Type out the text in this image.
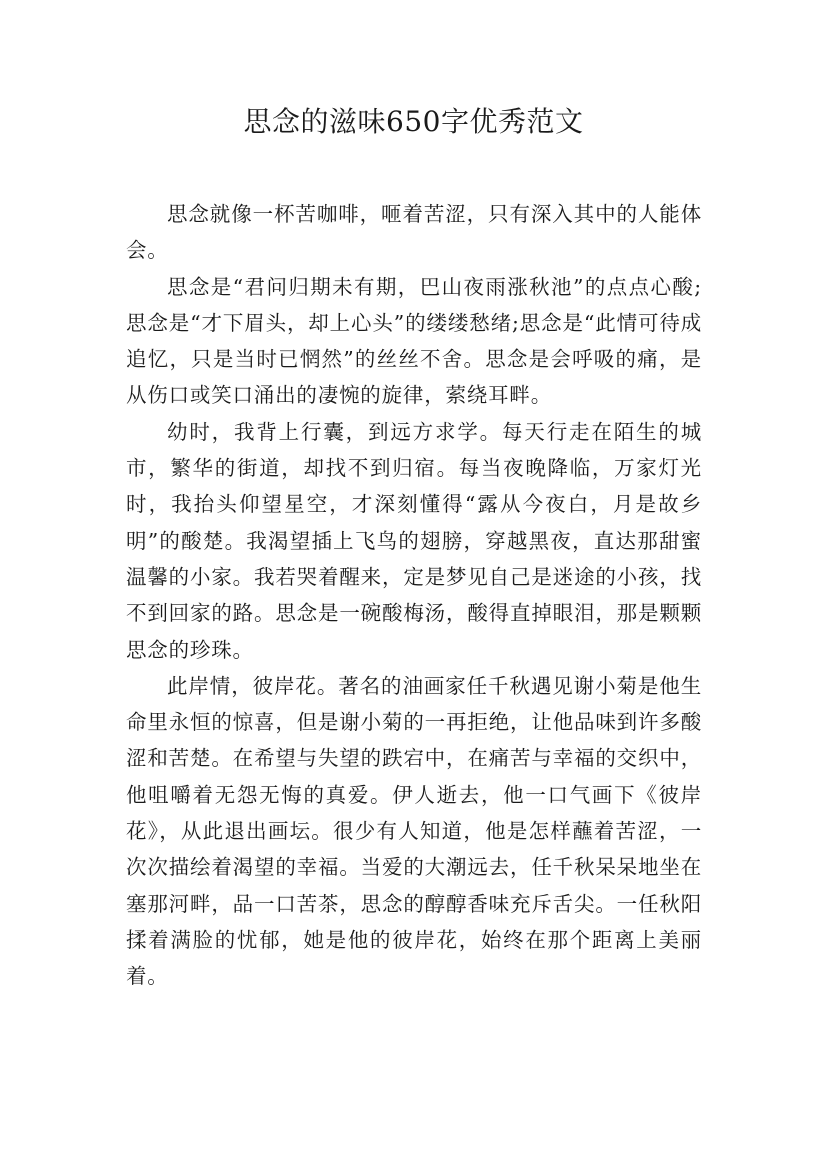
思念的滋味650字优秀范文

思念就像一杯苦咖啡，咂着苦涩，只有深入其中的人能体会。

思念是“君问归期未有期，巴山夜雨涨秋池”的点点心酸;思念是“才下眉头，却上心头”的缕缕愁绪;思念是“此情可待成追忆，只是当时已惘然”的丝丝不舍。思念是会呼吸的痛，是从伤口或笑口涌出的凄惋的旋律，萦绕耳畔。

幼时，我背上行囊，到远方求学。每天行走在陌生的城市，繁华的街道，却找不到归宿。每当夜晚降临，万家灯光时，我抬头仰望星空，才深刻懂得“露从今夜白，月是故乡明”的酸楚。我渴望插上飞鸟的翅膀，穿越黑夜，直达那甜蜜温馨的小家。我若哭着醒来，定是梦见自己是迷途的小孩，找不到回家的路。思念是一碗酸梅汤，酸得直掉眼泪，那是颗颗思念的珍珠。

此岸情，彼岸花。著名的油画家任千秋遇见谢小菊是他生命里永恒的惊喜，但是谢小菊的一再拒绝，让他品味到许多酸涩和苦楚。在希望与失望的跌宕中，在痛苦与幸福的交织中，他咀嚼着无怨无悔的真爱。伊人逝去，他一口气画下《彼岸花》，从此退出画坛。很少有人知道，他是怎样蘸着苦涩，一次次描绘着渴望的幸福。当爱的大潮远去，任千秋呆呆地坐在塞那河畔，品一口苦茶，思念的醇醇香味充斥舌尖。一任秋阳揉着满脸的忧郁，她是他的彼岸花，始终在那个距离上美丽着。
